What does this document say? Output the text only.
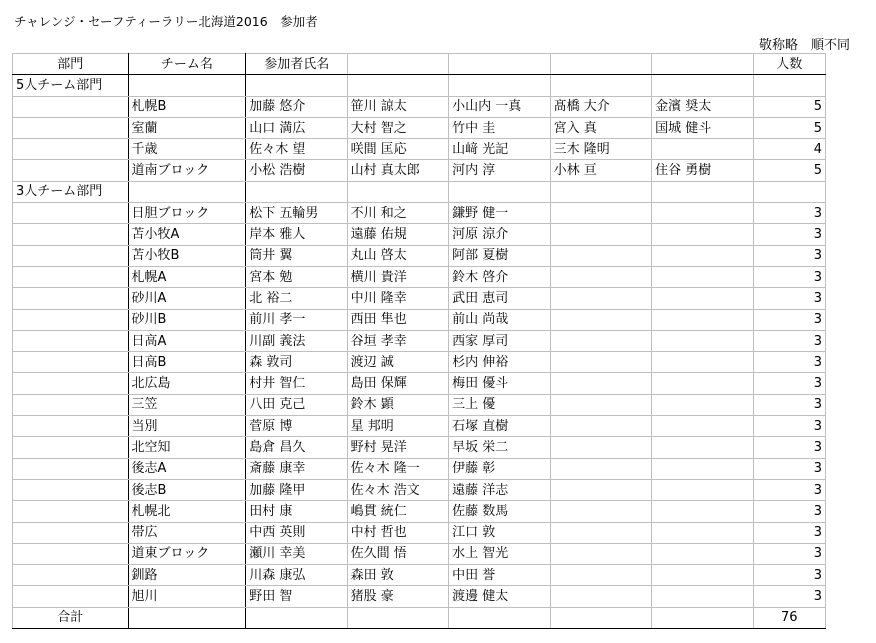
チャレンジ・セーフティーラリー北海道2016　参加者
敬称略　順不同
部門	チーム名	参加者氏名					人数
5人チーム部門							
	札幌B	加藤 悠介	笹川 諒太	小山内 一真	髙橋 大介	金濱 奨太	5
	室蘭	山口 満広	大村 智之	竹中 圭	宮入 真	国城 健斗	5
	千歳	佐々木 望	咲間 匡応	山﨑 光記	三木 隆明		4
	道南ブロック	小松 浩樹	山村 真太郎	河内 淳	小林 亘	住谷 勇樹	5
3人チーム部門							
	日胆ブロック	松下 五輪男	不川 和之	鎌野 健一			3
	苫小牧A	岸本 雅人	遠藤 佑規	河原 涼介			3
	苫小牧B	筒井 翼	丸山 啓太	阿部 夏樹			3
	札幌A	宮本 勉	横川 貴洋	鈴木 啓介			3
	砂川A	北 裕二	中川 隆幸	武田 恵司			3
	砂川B	前川 孝一	西田 隼也	前山 尚哉			3
	日高A	川副 義法	谷垣 孝幸	西家 厚司			3
	日高B	森 敦司	渡辺 誠	杉内 伸裕			3
	北広島	村井 智仁	島田 保輝	梅田 優斗			3
	三笠	八田 克己	鈴木 顕	三上 優			3
	当別	菅原 博	星 邦明	石塚 直樹			3
	北空知	島倉 昌久	野村 晃洋	早坂 栄二			3
	後志A	斎藤 康幸	佐々木 隆一	伊藤 彰			3
	後志B	加藤 隆甲	佐々木 浩文	遠藤 洋志			3
	札幌北	田村 康	嶋貫 統仁	佐藤 数馬			3
	帯広	中西 英則	中村 哲也	江口 敦			3
	道東ブロック	瀬川 幸美	佐久間 悟	水上 智光			3
	釧路	川森 康弘	森田 敦	中田 誉			3
	旭川	野田 智	猪股 豪	渡邊 健太			3
合計							76
